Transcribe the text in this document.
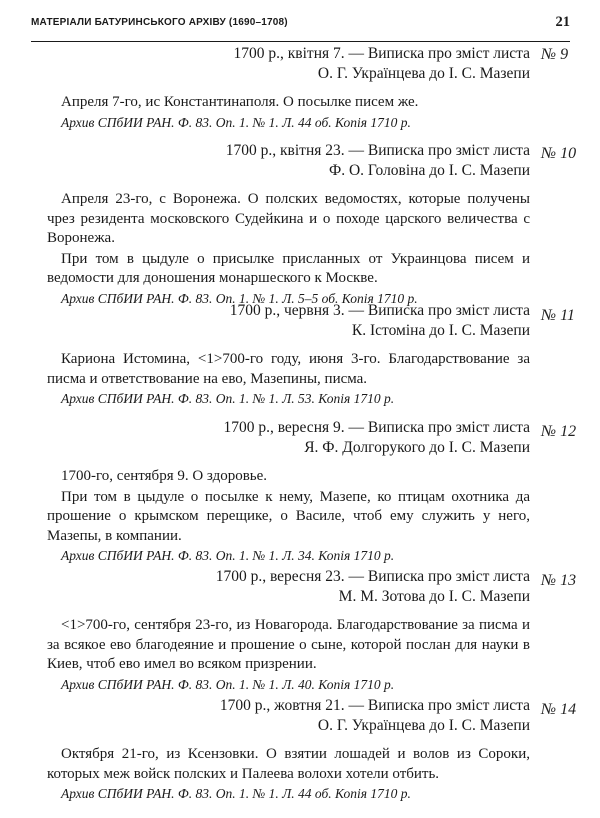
МАТЕРІАЛИ БАТУРИНСЬКОГО АРХІВУ (1690–1708)	21
1700 р., квітня 7. — Виписка про зміст листа
О. Г. Українцева до І. С. Мазепи
№ 9

Апреля 7-го, ис Константинаполя. О посылке писем же.

Архив СПбИИ РАН. Ф. 83. Оп. 1. № 1. Л. 44 об. Копія 1710 р.
1700 р., квітня 23. — Виписка про зміст листа
Ф. О. Головіна до І. С. Мазепи
№ 10

Апреля 23-го, с Воронежа. О полских ведомостях, которые получены чрез резидента московского Судейкина и о походе царского величества с Воронежа.

При том в цыдуле о присылке присланных от Украинцова писем и ведомости для доношения монаршеского к Москве.

Архив СПбИИ РАН. Ф. 83. Оп. 1. № 1. Л. 5–5 об. Копія 1710 р.
1700 р., червня 3. — Виписка про зміст листа
К. Істоміна до І. С. Мазепи
№ 11

Кариона Истомина, <1>700-го году, июня 3-го. Благодарствование за писма и ответствование на ево, Мазепины, писма.

Архив СПбИИ РАН. Ф. 83. Оп. 1. № 1. Л. 53. Копія 1710 р.
1700 р., вересня 9. — Виписка про зміст листа
Я. Ф. Долгорукого до І. С. Мазепи
№ 12

1700-го, сентября 9. О здоровье.

При том в цыдуле о посылке к нему, Мазепе, ко птицам охотника да прошение о крымском перещике, о Василе, чтоб ему служить у него, Мазепы, в компании.

Архив СПбИИ РАН. Ф. 83. Оп. 1. № 1. Л. 34. Копія 1710 р.
1700 р., вересня 23. — Виписка про зміст листа
М. М. Зотова до І. С. Мазепи
№ 13

<1>700-го, сентября 23-го, из Новагорода. Благодарствование за писма и за всякое ево благодеяние и прошение о сыне, которой послан для науки в Киев, чтоб ево имел во всяком призрении.

Архив СПбИИ РАН. Ф. 83. Оп. 1. № 1. Л. 40. Копія 1710 р.
1700 р., жовтня 21. — Виписка про зміст листа
О. Г. Українцева до І. С. Мазепи
№ 14

Октября 21-го, из Ксензовки. О взятии лошадей и волов из Сороки, которых меж войск полских и Палеева волохи хотели отбить.

Архив СПбИИ РАН. Ф. 83. Оп. 1. № 1. Л. 44 об. Копія 1710 р.
